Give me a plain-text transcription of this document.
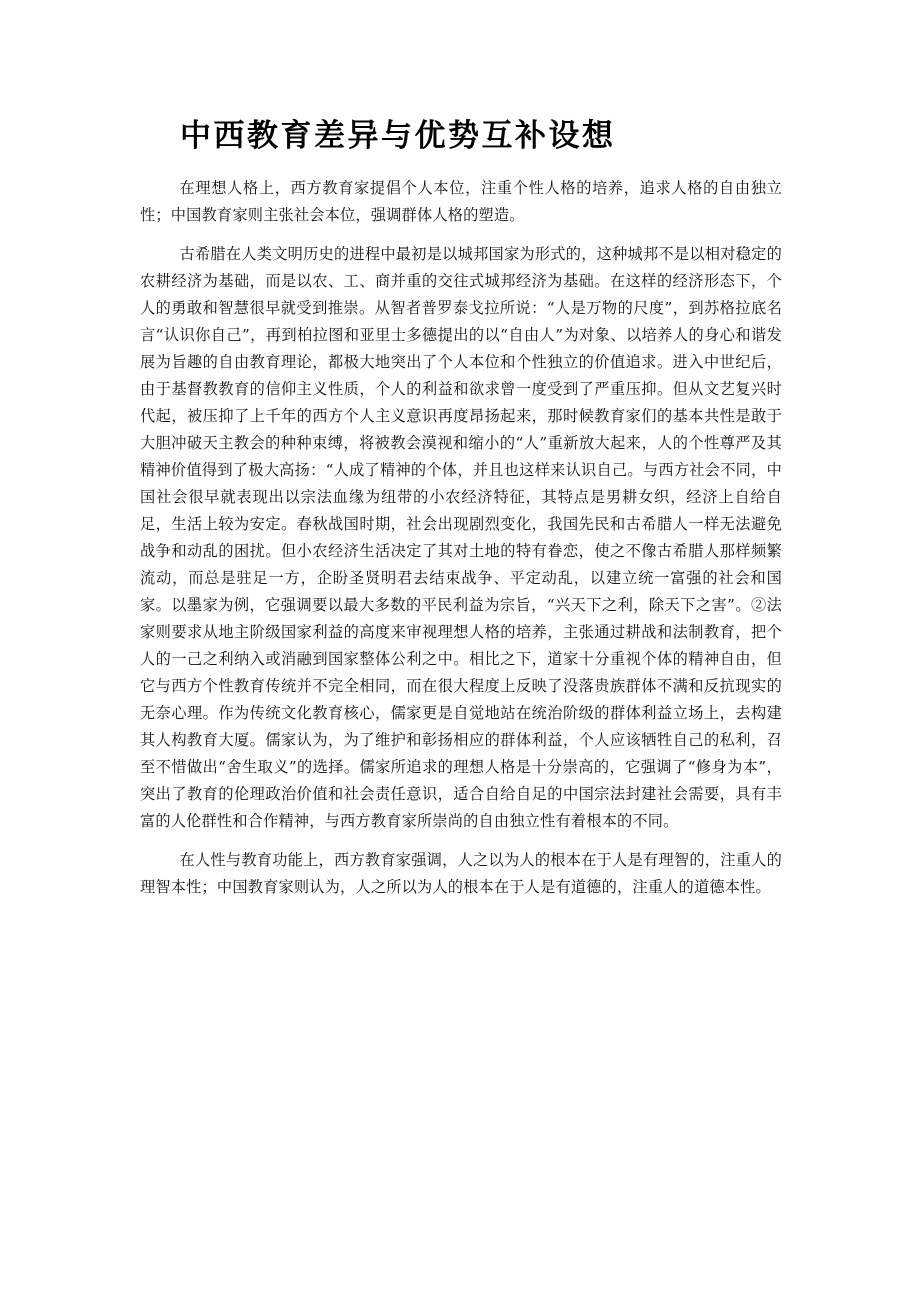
中西教育差异与优势互补设想

在理想人格上，西方教育家提倡个人本位，注重个性人格的培养，追求人格的自由独立性；中国教育家则主张社会本位，强调群体人格的塑造。

古希腊在人类文明历史的进程中最初是以城邦国家为形式的，这种城邦不是以相对稳定的农耕经济为基础，而是以农、工、商并重的交往式城邦经济为基础。在这样的经济形态下，个人的勇敢和智慧很早就受到推崇。从智者普罗泰戈拉所说：“人是万物的尺度”，到苏格拉底名言“认识你自己”，再到柏拉图和亚里士多德提出的以“自由人”为对象、以培养人的身心和谐发展为旨趣的自由教育理论，都极大地突出了个人本位和个性独立的价值追求。进入中世纪后，由于基督教教育的信仰主义性质，个人的利益和欲求曾一度受到了严重压抑。但从文艺复兴时代起，被压抑了上千年的西方个人主义意识再度昂扬起来，那时候教育家们的基本共性是敢于大胆冲破天主教会的种种束缚，将被教会漠视和缩小的“人”重新放大起来，人的个性尊严及其精神价值得到了极大高扬：“人成了精神的个体，并且也这样来认识自己。与西方社会不同，中国社会很早就表现出以宗法血缘为纽带的小农经济特征，其特点是男耕女织，经济上自给自足，生活上较为安定。春秋战国时期，社会出现剧烈变化，我国先民和古希腊人一样无法避免战争和动乱的困扰。但小农经济生活决定了其对土地的特有眷恋，使之不像古希腊人那样频繁流动，而总是驻足一方，企盼圣贤明君去结束战争、平定动乱，以建立统一富强的社会和国家。以墨家为例，它强调要以最大多数的平民利益为宗旨，“兴天下之利，除天下之害”。②法家则要求从地主阶级国家利益的高度来审视理想人格的培养，主张通过耕战和法制教育，把个人的一己之利纳入或消融到国家整体公利之中。相比之下，道家十分重视个体的精神自由，但它与西方个性教育传统并不完全相同，而在很大程度上反映了没落贵族群体不满和反抗现实的无奈心理。作为传统文化教育核心，儒家更是自觉地站在统治阶级的群体利益立场上，去构建其人构教育大厦。儒家认为，为了维护和彰扬相应的群体利益，个人应该牺牲自己的私利，召至不惜做出“舍生取义”的选择。儒家所追求的理想人格是十分崇高的，它强调了“修身为本”，突出了教育的伦理政治价值和社会责任意识，适合自给自足的中国宗法封建社会需要，具有丰富的人伦群性和合作精神，与西方教育家所崇尚的自由独立性有着根本的不同。

在人性与教育功能上，西方教育家强调，人之以为人的根本在于人是有理智的，注重人的理智本性；中国教育家则认为，人之所以为人的根本在于人是有道德的，注重人的道德本性。
